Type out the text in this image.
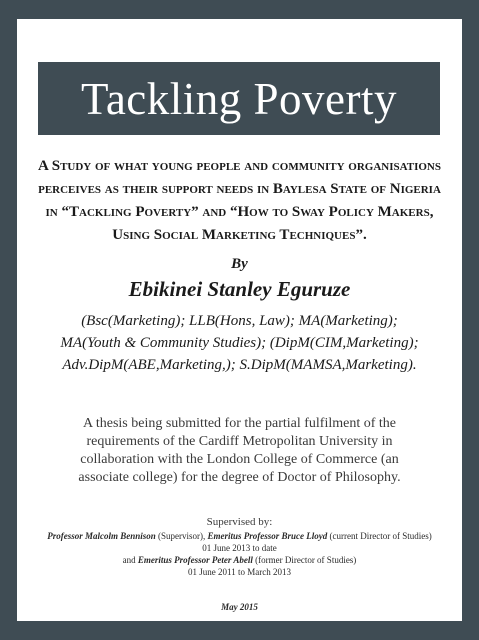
Tackling Poverty
A Study of what young people and community organisations perceives as their support needs in Baylesa State of Nigeria in “Tackling Poverty” and “How to Sway Policy Makers, Using Social Marketing Techniques”.
By
Ebikinei Stanley Eguruze
(Bsc(Marketing); LLB(Hons, Law); MA(Marketing);
MA(Youth & Community Studies); (DipM(CIM,Marketing);
Adv.DipM(ABE,Marketing,); S.DipM(MAMSA,Marketing).
A thesis being submitted for the partial fulfilment of the
requirements of the Cardiff Metropolitan University in
collaboration with the London College of Commerce (an
associate college) for the degree of Doctor of Philosophy.
Supervised by:
Professor Malcolm Bennison (Supervisor), Emeritus Professor Bruce Lloyd (current Director of Studies)
01 June 2013 to date
and Emeritus Professor Peter Abell (former Director of Studies)
01 June 2011 to March 2013
May 2015
